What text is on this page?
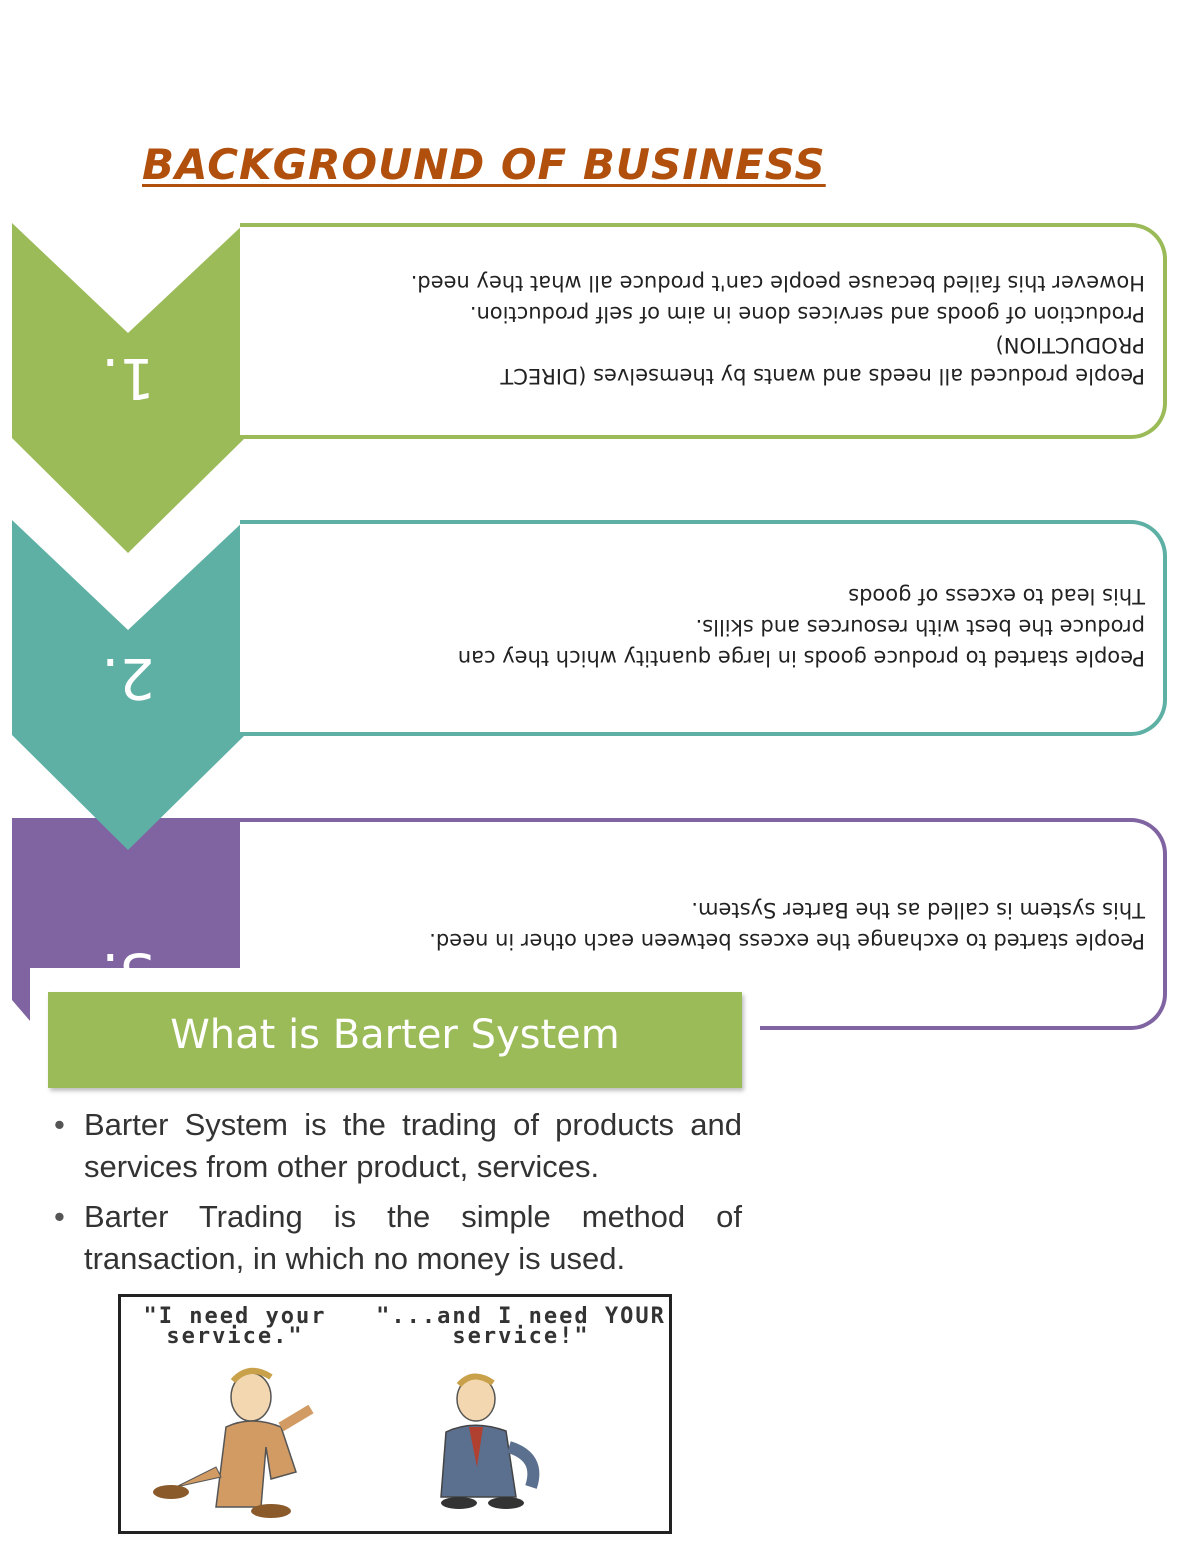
BACKGROUND OF BUSINESS
People produced all needs and wants by themselves (DIRECT
PRODUCTION)
Production of goods and services done in aim of self production.
However this failed because people can't produce all what they need.
People started to produce goods in large quantity which they can
produce the best with resources and skills.
This lead to excess of goods
People started to exchange the excess between each other in need.
This system is called as the Barter System.
1.
2.
What is Barter System
• Barter System is the trading of products and services from other product, services.
• Barter Trading is the simple method of transaction, in which no money is used.
"I need your service."
"...and I need YOUR service!"
